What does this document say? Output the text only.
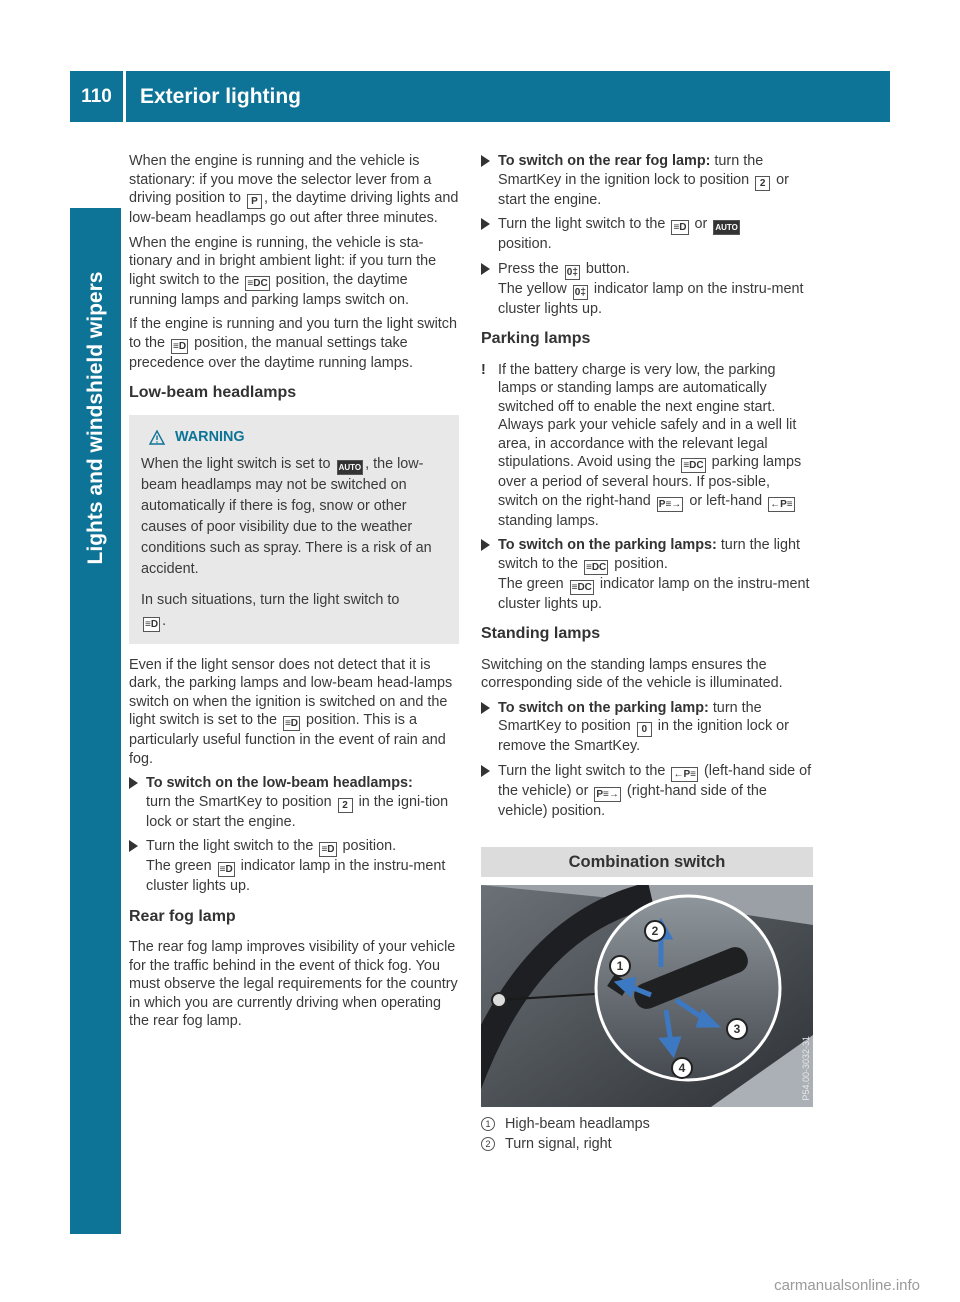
110	Exterior lighting
Lights and windshield wipers

When the engine is running and the vehicle is stationary: if you move the selector lever from a driving position to P , the daytime driving lights and low-beam headlamps go out after three minutes.

When the engine is running, the vehicle is sta-tionary and in bright ambient light: if you turn the light switch to the ≡DC position, the daytime running lamps and parking lamps switch on.

If the engine is running and you turn the light switch to the ≡D position, the manual settings take precedence over the daytime running lamps.

Low-beam headlamps
WARNING

When the light switch is set to AUTO , the low-beam headlamps may not be switched on automatically if there is fog, snow or other causes of poor visibility due to the weather conditions such as spray. There is a risk of an accident.

In such situations, turn the light switch to
≡D .

Even if the light sensor does not detect that it is dark, the parking lamps and low-beam head-lamps switch on when the ignition is switched on and the light switch is set to the ≡D position. This is a particularly useful function in the event of rain and fog.

To switch on the low-beam headlamps:
turn the SmartKey to position 2 in the igni-tion lock or start the engine.
Turn the light switch to the ≡D position.
The green ≡D indicator lamp in the instru-ment cluster lights up.
Rear fog lamp

The rear fog lamp improves visibility of your vehicle for the traffic behind in the event of thick fog. You must observe the legal requirements for the country in which you are currently driving when operating the rear fog lamp.

To switch on the rear fog lamp: turn the SmartKey in the ignition lock to position 2 or start the engine.
Turn the light switch to the ≡D or AUTO
position.
Press the 0‡ button.
The yellow 0‡ indicator lamp on the instru-ment cluster lights up.
Parking lamps
! If the battery charge is very low, the parking lamps or standing lamps are automatically switched off to enable the next engine start. Always park your vehicle safely and in a well lit area, in accordance with the relevant legal stipulations. Avoid using the ≡DC parking lamps over a period of several hours. If pos-sible, switch on the right-hand P≡→ or left-hand ←P≡ standing lamps.
To switch on the parking lamps: turn the light switch to the ≡DC position.
The green ≡DC indicator lamp on the instru-ment cluster lights up.
Standing lamps

Switching on the standing lamps ensures the corresponding side of the vehicle is illuminated.

To switch on the parking lamp: turn the SmartKey to position 0 in the ignition lock or remove the SmartKey.
Turn the light switch to the ←P≡ (left-hand side of the vehicle) or P≡→ (right-hand side of the vehicle) position.
Combination switch
2
1
3
4	P54.00-3032-31
1	High-beam headlamps
2	Turn signal, right
carmanualsonline.info
